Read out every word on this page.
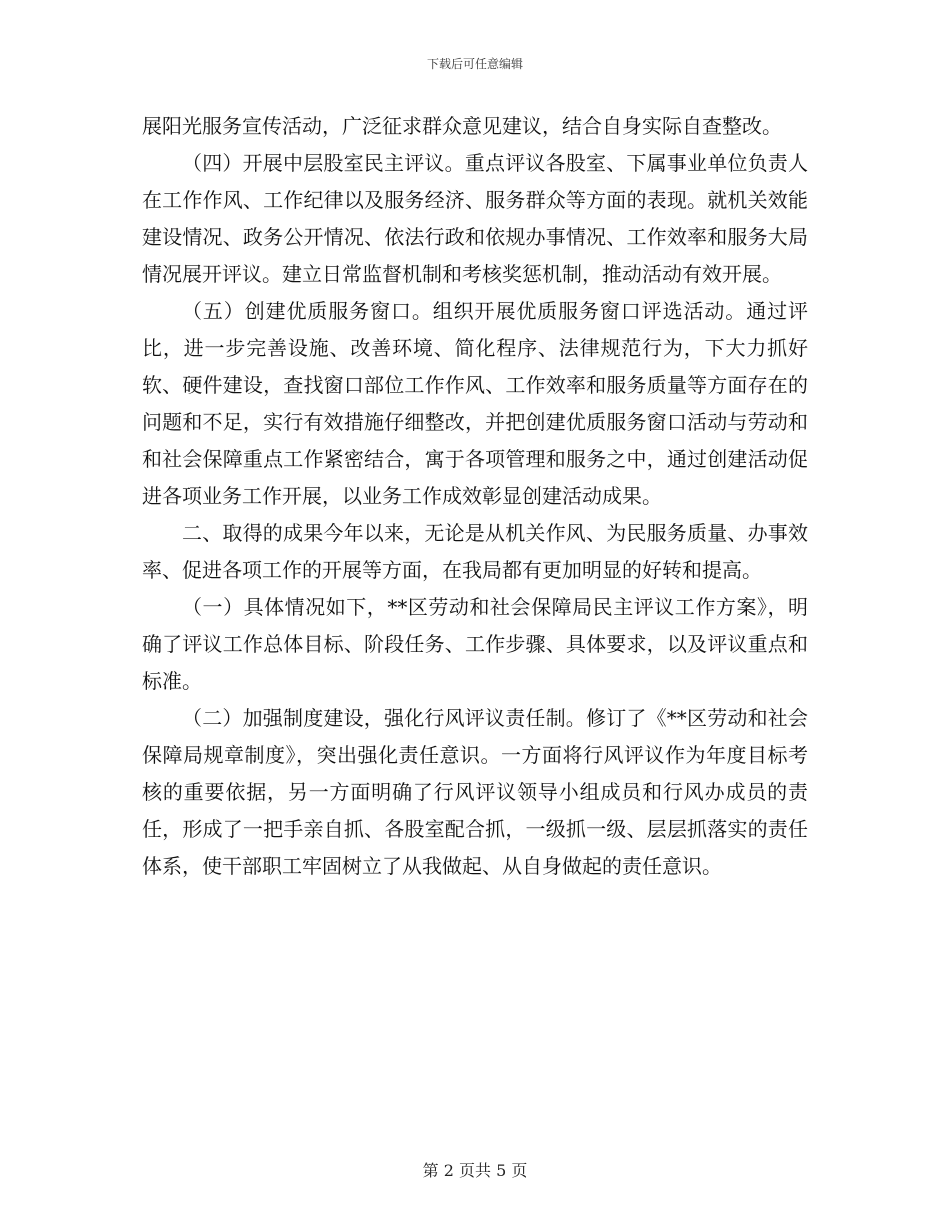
下载后可任意编辑

展阳光服务宣传活动，广泛征求群众意见建议，结合自身实际自查整改。

（四）开展中层股室民主评议。重点评议各股室、下属事业单位负责人在工作作风、工作纪律以及服务经济、服务群众等方面的表现。就机关效能建设情况、政务公开情况、依法行政和依规办事情况、工作效率和服务大局情况展开评议。建立日常监督机制和考核奖惩机制，推动活动有效开展。

（五）创建优质服务窗口。组织开展优质服务窗口评选活动。通过评比，进一步完善设施、改善环境、简化程序、法律规范行为，下大力抓好软、硬件建设，查找窗口部位工作作风、工作效率和服务质量等方面存在的问题和不足，实行有效措施仔细整改，并把创建优质服务窗口活动与劳动和和社会保障重点工作紧密结合，寓于各项管理和服务之中，通过创建活动促进各项业务工作开展，以业务工作成效彰显创建活动成果。

二、取得的成果今年以来，无论是从机关作风、为民服务质量、办事效率、促进各项工作的开展等方面，在我局都有更加明显的好转和提高。

（一）具体情况如下，**区劳动和社会保障局民主评议工作方案》，明确了评议工作总体目标、阶段任务、工作步骤、具体要求，以及评议重点和标准。

（二）加强制度建设，强化行风评议责任制。修订了《**区劳动和社会保障局规章制度》，突出强化责任意识。一方面将行风评议作为年度目标考核的重要依据，另一方面明确了行风评议领导小组成员和行风办成员的责任，形成了一把手亲自抓、各股室配合抓，一级抓一级、层层抓落实的责任体系，使干部职工牢固树立了从我做起、从自身做起的责任意识。

第 2 页共 5 页
